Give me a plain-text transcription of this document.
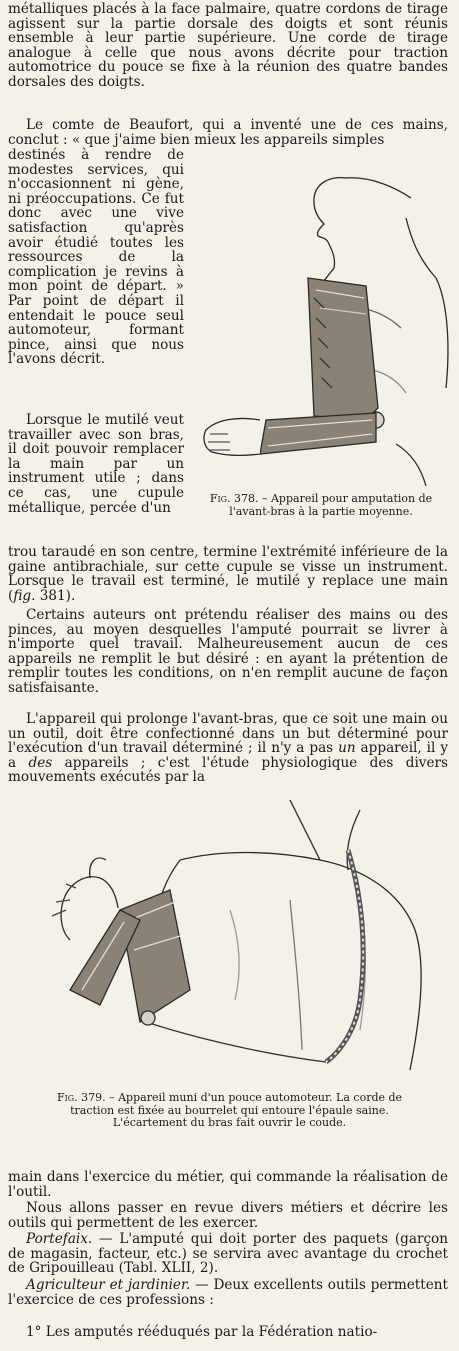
métalliques placés à la face palmaire, quatre cordons de tirage agissent sur la partie dorsale des doigts et sont réunis ensemble à leur partie supérieure. Une corde de tirage analogue à celle que nous avons décrite pour traction automotrice du pouce se fixe à la réunion des quatre bandes dorsales des doigts.

Le comte de Beaufort, qui a inventé une de ces mains, conclut : « que j'aime bien mieux les appareils simples

destinés à rendre de modestes services, qui n'occasionnent ni gène, ni préoccupations. Ce fut donc avec une vive satisfaction qu'après avoir étudié toutes les ressources de la complication je revins à mon point de départ. » Par point de départ il entendait le pouce seul automoteur, formant pince, ainsi que nous l'avons décrit.

Lorsque le mutilé veut travailler avec son bras, il doit pouvoir remplacer la main par un instrument utile ; dans ce cas, une cupule métallique, percée d'un

Fig. 378. – Appareil pour amputation de l'avant-bras à la partie moyenne.

trou taraudé en son centre, termine l'extrémité inférieure de la gaine antibrachiale, sur cette cupule se visse un instrument. Lorsque le travail est terminé, le mutilé y replace une main (fig. 381).

Certains auteurs ont prétendu réaliser des mains ou des pinces, au moyen desquelles l'amputé pourrait se livrer à n'importe quel travail. Malheureusement aucun de ces appareils ne remplit le but désiré : en ayant la prétention de remplir toutes les conditions, on n'en remplit aucune de façon satisfaisante.

L'appareil qui prolonge l'avant-bras, que ce soit une main ou un outil, doit être confectionné dans un but déterminé pour l'exécution d'un travail déterminé ; il n'y a pas un appareil, il y a des appareils ; c'est l'étude physiologique des divers mouvements exécutés par la

Fig. 379. – Appareil muni d'un pouce automoteur. La corde de traction est fixée au bourrelet qui entoure l'épaule saine. L'écartement du bras fait ouvrir le coude.

main dans l'exercice du métier, qui commande la réalisation de l'outil.

Nous allons passer en revue divers métiers et décrire les outils qui permettent de les exercer.

Portefaix. — L'amputé qui doit porter des paquets (garçon de magasin, facteur, etc.) se servira avec avantage du crochet de Gripouilleau (Tabl. XLII, 2).

Agriculteur et jardinier. — Deux excellents outils permettent l'exercice de ces professions :

1° Les amputés rééduqués par la Fédération natio-
